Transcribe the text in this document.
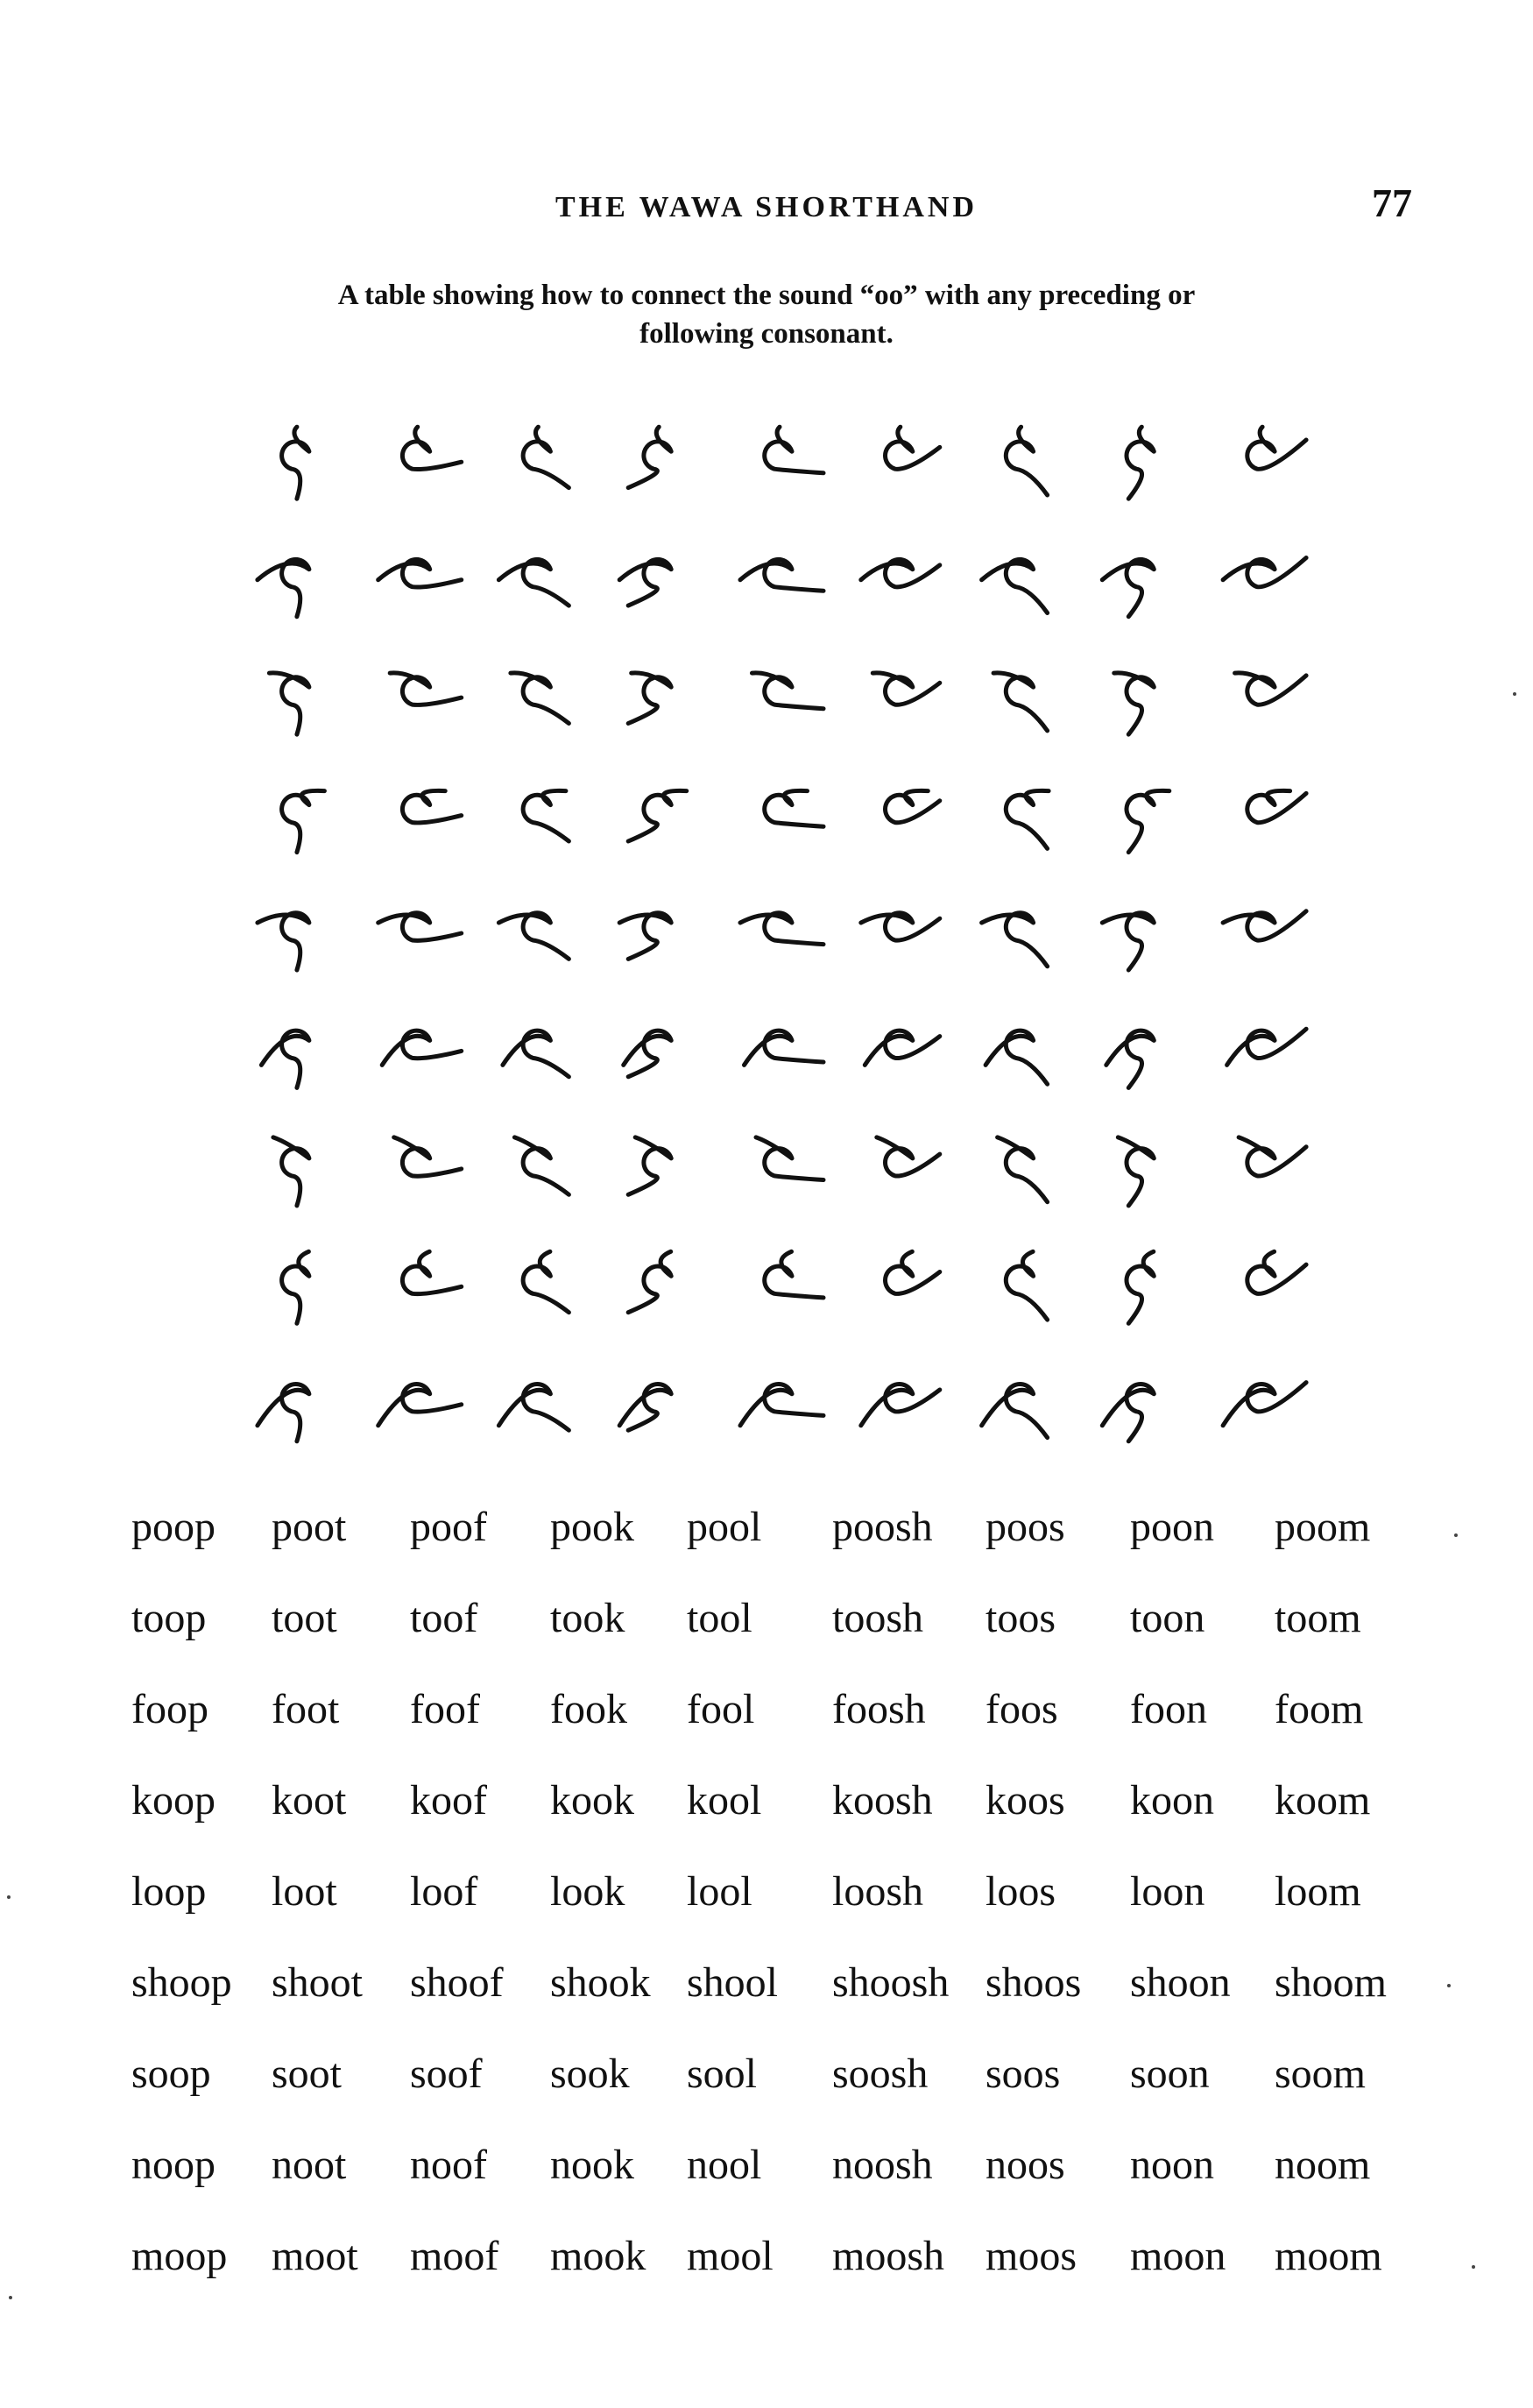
THE WAWA SHORTHAND	77
A table showing how to connect the sound “oo” with any preceding or
following consonant.
poop poot poof pook pool poosh poos poon poom
toop toot toof took tool toosh toos toon toom
foop foot foof fook fool foosh foos foon foom
koop koot koof kook kool koosh koos koon koom
loop loot loof look lool loosh loos loon loom
shoop shoot shoof shook shool shoosh shoos shoon shoom
soop soot soof sook sool soosh soos soon soom
noop noot noof nook nool noosh noos noon noom
moop moot moof mook mool moosh moos moon moom
